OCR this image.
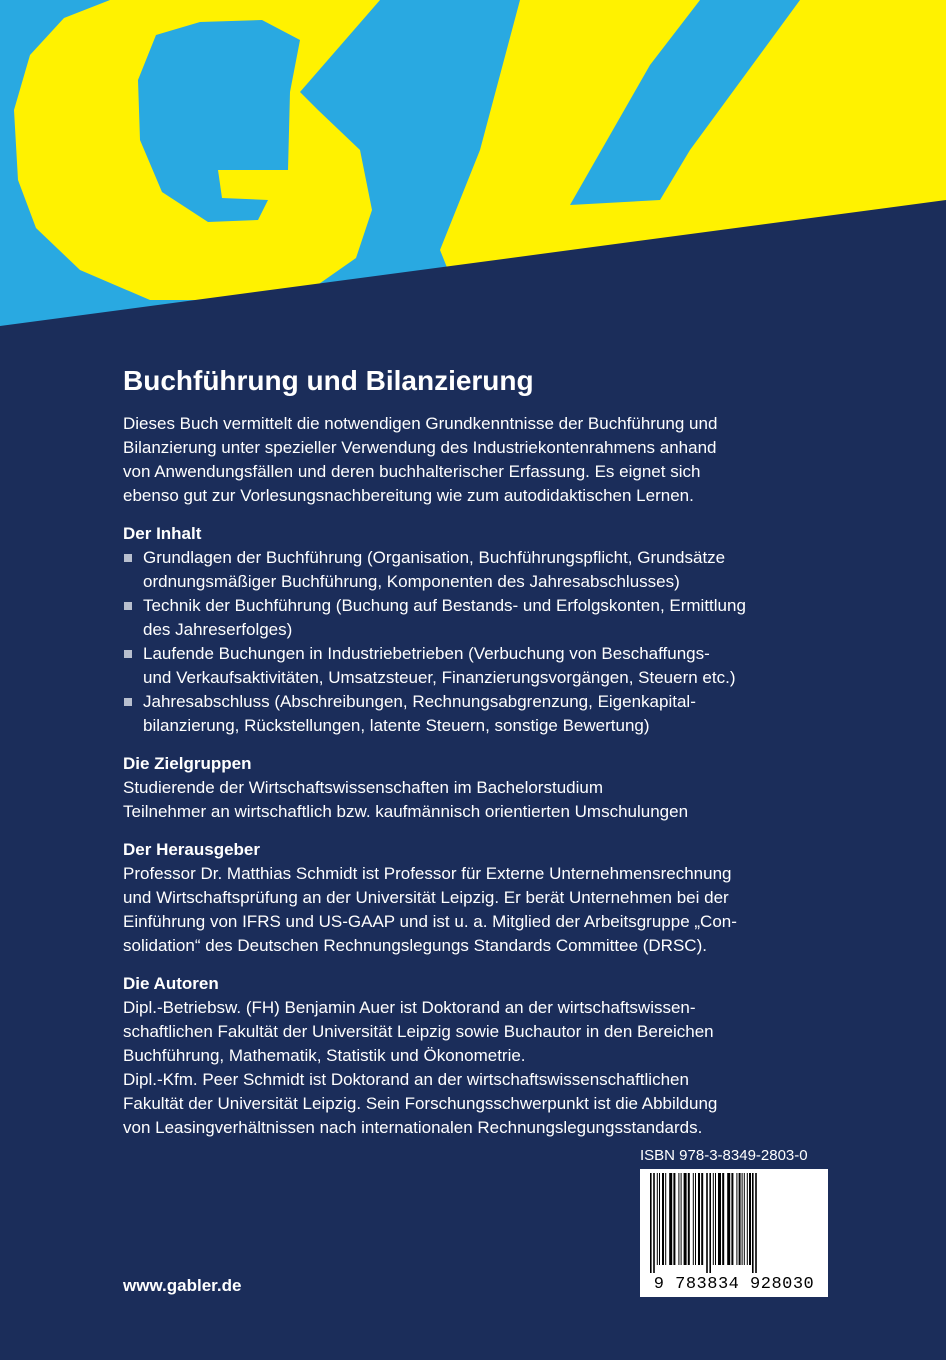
Buchführung und Bilanzierung

Dieses Buch vermittelt die notwendigen Grundkenntnisse der Buchführung und
Bilanzierung unter spezieller Verwendung des Industriekontenrahmens anhand
von Anwendungsfällen und deren buchhalterischer Erfassung. Es eignet sich
ebenso gut zur Vorlesungsnachbereitung wie zum autodidaktischen Lernen.

Der Inhalt
Grundlagen der Buchführung (Organisation, Buchführungspflicht, Grundsätze
ordnungsmäßiger Buchführung, Komponenten des Jahresabschlusses)
Technik der Buchführung (Buchung auf Bestands- und Erfolgskonten, Ermittlung
des Jahreserfolges)
Laufende Buchungen in Industriebetrieben (Verbuchung von Beschaffungs-
und Verkaufsaktivitäten, Umsatzsteuer, Finanzierungsvorgängen, Steuern etc.)
Jahresabschluss (Abschreibungen, Rechnungsabgrenzung, Eigenkapital-
bilanzierung, Rückstellungen, latente Steuern, sonstige Bewertung)
Die Zielgruppen

Studierende der Wirtschaftswissenschaften im Bachelorstudium
Teilnehmer an wirtschaftlich bzw. kaufmännisch orientierten Umschulungen

Der Herausgeber

Professor Dr. Matthias Schmidt ist Professor für Externe Unternehmensrechnung
und Wirtschaftsprüfung an der Universität Leipzig. Er berät Unternehmen bei der
Einführung von IFRS und US-GAAP und ist u. a. Mitglied der Arbeitsgruppe „Con-
solidation“ des Deutschen Rechnungslegungs Standards Committee (DRSC).

Die Autoren

Dipl.-Betriebsw. (FH) Benjamin Auer ist Doktorand an der wirtschaftswissen-
schaftlichen Fakultät der Universität Leipzig sowie Buchautor in den Bereichen
Buchführung, Mathematik, Statistik und Ökonometrie.
Dipl.-Kfm. Peer Schmidt ist Doktorand an der wirtschaftswissenschaftlichen
Fakultät der Universität Leipzig. Sein Forschungsschwerpunkt ist die Abbildung
von Leasingverhältnissen nach internationalen Rechnungslegungsstandards.

ISBN 978-3-8349-2803-0
9 783834 928030
www.gabler.de
